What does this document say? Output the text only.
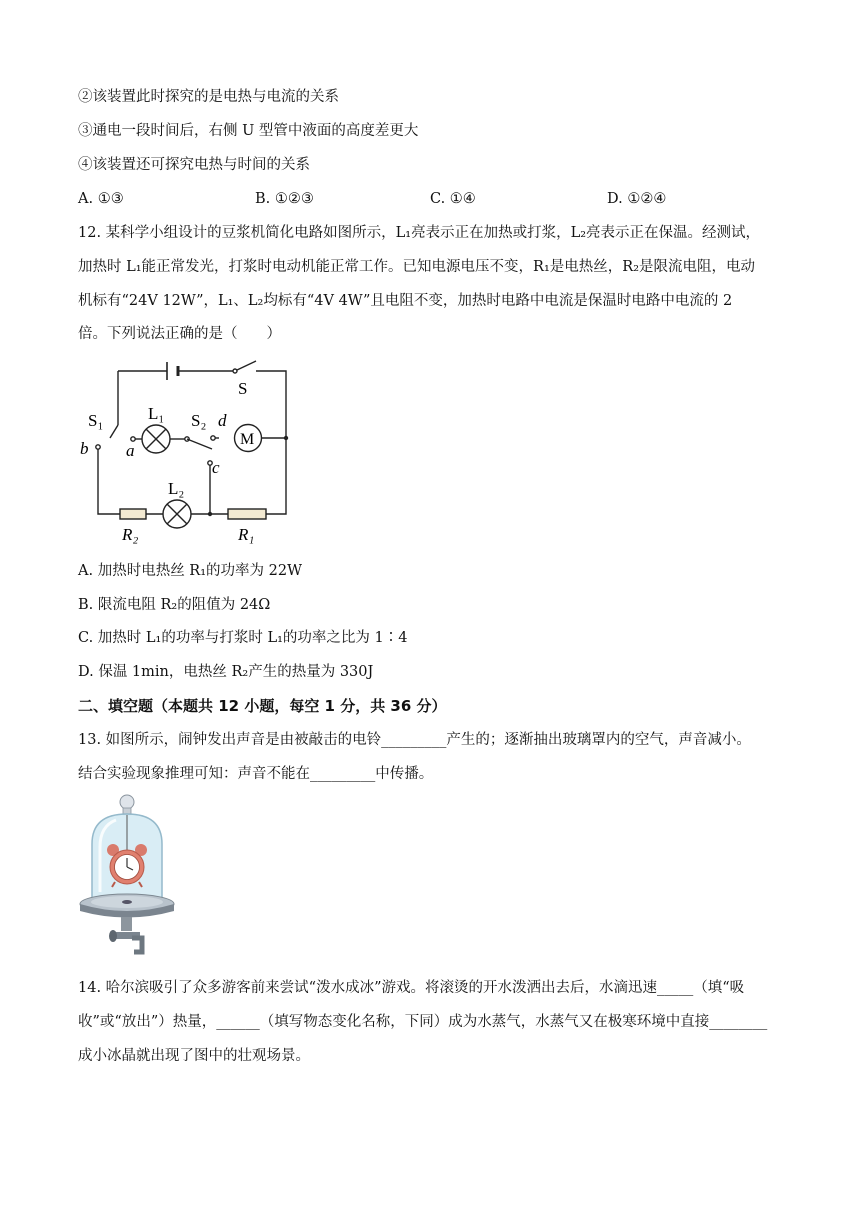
②该装置此时探究的是电热与电流的关系
③通电一段时间后，右侧 U 型管中液面的高度差更大
④该装置还可探究电热与时间的关系
A. ①③	B. ①②③	C. ①④	D. ①②④
12. 某科学小组设计的豆浆机简化电路如图所示，L₁亮表示正在加热或打浆，L₂亮表示正在保温。经测试，
加热时 L₁能正常发光，打浆时电动机能正常工作。已知电源电压不变，R₁是电热丝，R₂是限流电阻，电动
机标有“24V 12W”，L₁、L₂均标有“4V 4W”且电阻不变，加热时电路中电流是保温时电路中电流的 2
倍。下列说法正确的是（　　）
S
S₁	L₁ S₂ d
M
b a
c
L₂
R₂	R₁
A. 加热时电热丝 R₁的功率为 22W
B. 限流电阻 R₂的阻值为 24Ω
C. 加热时 L₁的功率与打浆时 L₁的功率之比为 1∶4
D. 保温 1min，电热丝 R₂产生的热量为 330J
二、填空题（本题共 12 小题，每空 1 分，共 36 分）
13. 如图所示，闹钟发出声音是由被敲击的电铃_________产生的；逐渐抽出玻璃罩内的空气，声音减小。
结合实验现象推理可知：声音不能在_________中传播。
14. 哈尔滨吸引了众多游客前来尝试“泼水成冰”游戏。将滚烫的开水泼洒出去后，水滴迅速_____（填“吸
收”或“放出”）热量，______（填写物态变化名称，下同）成为水蒸气，水蒸气又在极寒环境中直接________
成小冰晶就出现了图中的壮观场景。
